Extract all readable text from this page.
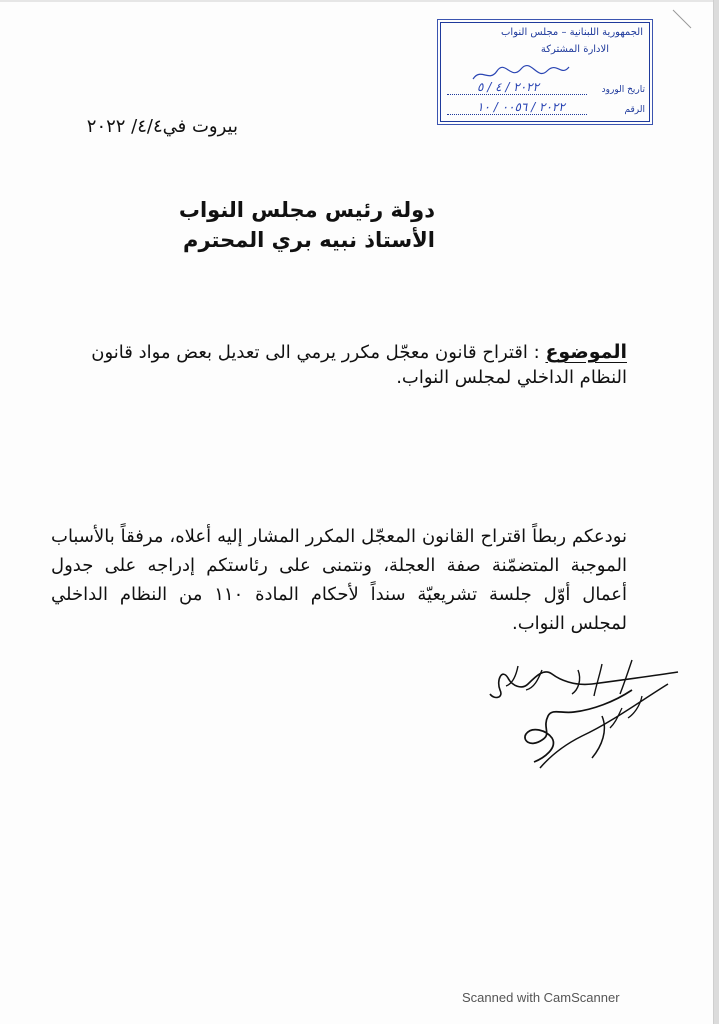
الجمهورية اللبنانية – مجلس النواب
الادارة المشتركة
تاريخ الورود
٢٠٢٢ / ٤ / ٥
الرقم
٢٠٢٢ / ٠٠٥٦ / ١٠
بيروت في٤/٤/ ٢٠٢٢
دولة رئيس مجلس النواب
الأستاذ نبيه بري المحترم
الموضوع : اقتراح قانون معجّل مكرر يرمي الى تعديل بعض مواد قانون النظام الداخلي لمجلس النواب.
نودعكم ربطاً اقتراح القانون المعجّل المكرر المشار إليه أعلاه، مرفقاً بالأسباب الموجبة المتضمّنة صفة العجلة، ونتمنى على رئاستكم إدراجه على جدول أعمال أوّل جلسة تشريعيّة سنداً لأحكام المادة ١١٠ من النظام الداخلي لمجلس النواب.
Scanned with CamScanner
